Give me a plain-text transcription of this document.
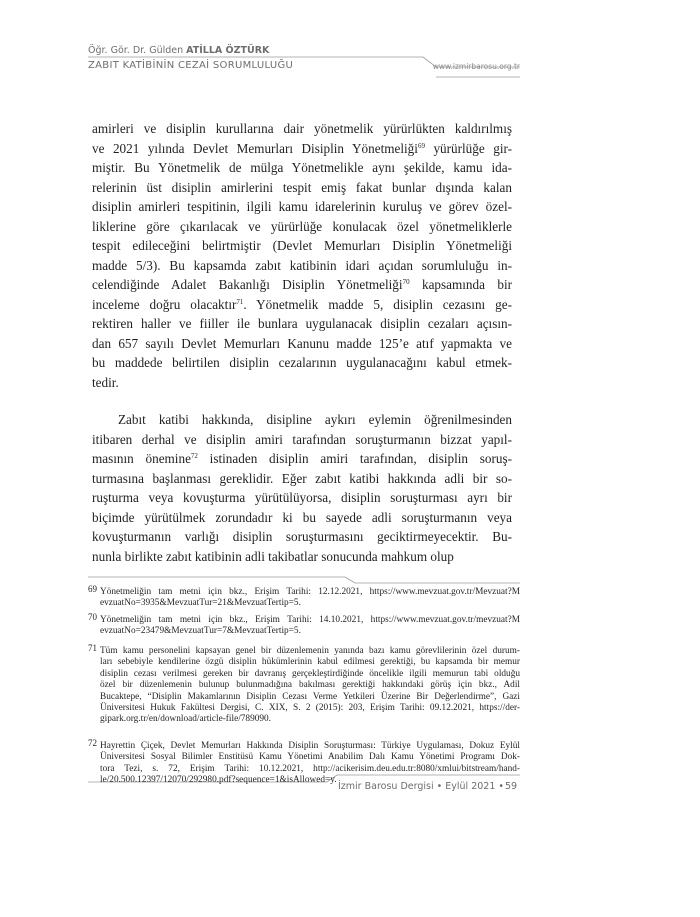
Öğr. Gör. Dr. Gülden ATİLLA ÖZTÜRK
ZABIT KATİBİNİN CEZAİ SORUMLULUĞU	www.izmirbarosu.org.tr
amirleri ve disiplin kurullarına dair yönetmelik yürürlükten kaldırılmış
ve 2021 yılında Devlet Memurları Disiplin Yönetmeliği$^{69}$ yürürlüğe gir-
miştir. Bu Yönetmelik de mülga Yönetmelikle aynı şekilde, kamu ida-
relerinin üst disiplin amirlerini tespit emiş fakat bunlar dışında kalan
disiplin amirleri tespitinin, ilgili kamu idarelerinin kuruluş ve görev özel-
liklerine göre çıkarılacak ve yürürlüğe konulacak özel yönetmeliklerle
tespit edileceğini belirtmiştir (Devlet Memurları Disiplin Yönetmeliği
madde 5/3). Bu kapsamda zabıt katibinin idari açıdan sorumluluğu in-
celendiğinde Adalet Bakanlığı Disiplin Yönetmeliği$^{70}$ kapsamında bir
inceleme doğru olacaktır$^{71}$. Yönetmelik madde 5, disiplin cezasını ge-
rektiren haller ve fiiller ile bunlara uygulanacak disiplin cezaları açısın-
dan 657 sayılı Devlet Memurları Kanunu madde 125’e atıf yapmakta ve
bu maddede belirtilen disiplin cezalarının uygulanacağını kabul etmek-
tedir.
Zabıt katibi hakkında, disipline aykırı eylemin öğrenilmesinden
itibaren derhal ve disiplin amiri tarafından soruşturmanın bizzat yapıl-
masının önemine$^{72}$ istinaden disiplin amiri tarafından, disiplin soruş-
turmasına başlanması gereklidir. Eğer zabıt katibi hakkında adli bir so-
ruşturma veya kovuşturma yürütülüyorsa, disiplin soruşturması ayrı bir
biçimde yürütülmek zorundadır ki bu sayede adli soruşturmanın veya
kovuşturmanın varlığı disiplin soruşturmasını geciktirmeyecektir. Bu-
nunla birlikte zabıt katibinin adli takibatlar sonucunda mahkum olup
69 Yönetmeliğin tam metni için bkz., Erişim Tarihi: 12.12.2021, https://www.mevzuat.gov.tr/Mevzuat?M
evzuatNo=3935&MevzuatTur=21&MevzuatTertip=5.
70 Yönetmeliğin tam metni için bkz., Erişim Tarihi: 14.10.2021, https://www.mevzuat.gov.tr/mevzuat?M
evzuatNo=23479&MevzuatTur=7&MevzuatTertip=5.
71 Tüm kamu personelini kapsayan genel bir düzenlemenin yanında bazı kamu görevlilerinin özel durum-
ları sebebiyle kendilerine özgü disiplin hükümlerinin kabul edilmesi gerektiği, bu kapsamda bir memur
disiplin cezası verilmesi gereken bir davranış gerçekleştirdiğinde öncelikle ilgili memurun tabi olduğu
özel bir düzenlemenin bulunup bulunmadığına bakılması gerektiği hakkındaki görüş için bkz., Adil
Bucaktepe, “Disiplin Makamlarının Disiplin Cezası Verme Yetkileri Üzerine Bir Değerlendirme”, Gazi
Üniversitesi Hukuk Fakültesi Dergisi, C. XIX, S. 2 (2015): 203, Erişim Tarihi: 09.12.2021, https://der-
gipark.org.tr/en/download/article-file/789090.
72 Hayrettin Çiçek, Devlet Memurları Hakkında Disiplin Soruşturması: Türkiye Uygulaması, Dokuz Eylül
Üniversitesi Sosyal Bilimler Enstitüsü Kamu Yönetimi Anabilim Dalı Kamu Yönetimi Programı Dok-
tora Tezi, s. 72, Erişim Tarihi: 10.12.2021, http://acikerisim.deu.edu.tr:8080/xmlui/bitstream/hand-
le/20.500.12397/12070/292980.pdf?sequence=1&isAllowed=y.
İzmir Barosu Dergisi • Eylül 2021 • 59
